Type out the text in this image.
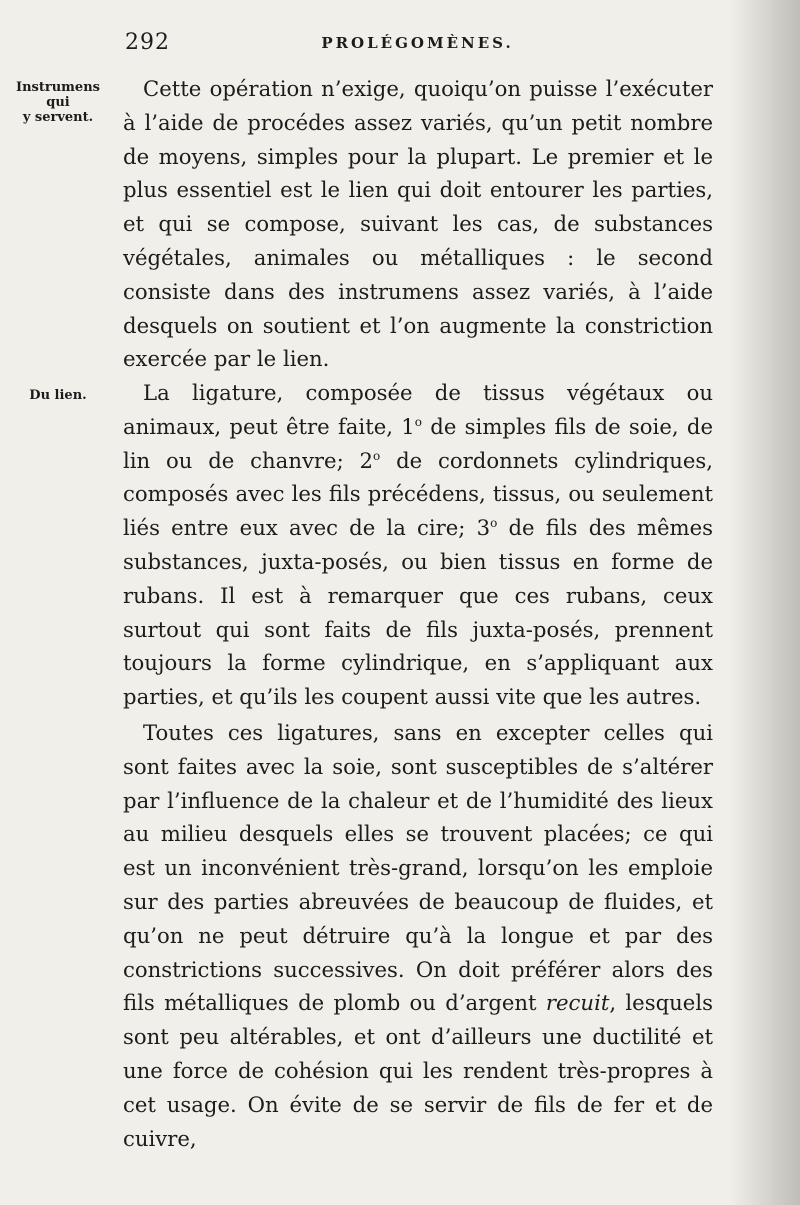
292	PROLÉGOMÈNES.
Instrumens
qui
y servent.
Du lien.

Cette opération n’exige, quoiqu’on puisse l’exécuter à l’aide de procédes assez variés, qu’un petit nombre de moyens, simples pour la plupart. Le premier et le plus essentiel est le lien qui doit entourer les parties, et qui se compose, suivant les cas, de substances végétales, animales ou métalliques : le second consiste dans des instrumens assez variés, à l’aide desquels on soutient et l’on augmente la constriction exercée par le lien.

La ligature, composée de tissus végétaux ou animaux, peut être faite, 1$^o$ de simples fils de soie, de lin ou de chanvre; 2$^o$ de cordonnets cylindriques, composés avec les fils précédens, tissus, ou seulement liés entre eux avec de la cire; 3$^o$ de fils des mêmes substances, juxta-posés, ou bien tissus en forme de rubans. Il est à remarquer que ces rubans, ceux surtout qui sont faits de fils juxta-posés, prennent toujours la forme cylindrique, en s’appliquant aux parties, et qu’ils les coupent aussi vite que les autres.

Toutes ces ligatures, sans en excepter celles qui sont faites avec la soie, sont susceptibles de s’altérer par l’influence de la chaleur et de l’humidité des lieux au milieu desquels elles se trouvent placées; ce qui est un inconvénient très-grand, lorsqu’on les emploie sur des parties abreuvées de beaucoup de fluides, et qu’on ne peut détruire qu’à la longue et par des constrictions successives. On doit préférer alors des fils métalliques de plomb ou d’argent recuit, lesquels sont peu altérables, et ont d’ailleurs une ductilité et une force de cohésion qui les rendent très-propres à cet usage. On évite de se servir de fils de fer et de cuivre,
